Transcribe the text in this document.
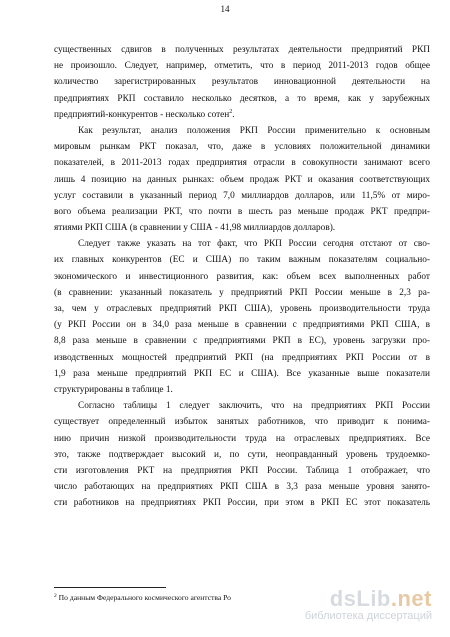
14
существенных сдвигов в полученных результатах деятельности предприятий РКП
не произошло. Следует, например, отметить, что в период 2011-2013 годов общее
количество зарегистрированных результатов инновационной деятельности на
предприятиях РКП составило несколько десятков, а то время, как у зарубежных
предприятий-конкурентов - несколько сотен$^2$.
Как результат, анализ положения РКП России применительно к основным
мировым рынкам РКТ показал, что, даже в условиях положительной динамики
показателей, в 2011-2013 годах предприятия отрасли в совокупности занимают всего
лишь 4 позицию на данных рынках: объем продаж РКТ и оказания соответствующих
услуг составили в указанный период 7,0 миллиардов долларов, или 11,5% от миро-
вого объема реализации РКТ, что почти в шесть раз меньше продаж РКТ предпри-
ятиями РКП США (в сравнении у США - 41,98 миллиардов долларов).
Следует также указать на тот факт, что РКП России сегодня отстают от сво-
их главных конкурентов (ЕС и США) по таким важным показателям социально-
экономического и инвестиционного развития, как: объем всех выполненных работ
(в сравнении: указанный показатель у предприятий РКП России меньше в 2,3 ра-
за, чем у отраслевых предприятий РКП США), уровень производительности труда
(у РКП России он в 34,0 раза меньше в сравнении с предприятиями РКП США, в
8,8 раза меньше в сравнении с предприятиями РКП в ЕС), уровень загрузки про-
изводственных мощностей предприятий РКП (на предприятиях РКП России от в
1,9 раза меньше предприятий РКП ЕС и США). Все указанные выше показатели
структурированы в таблице 1.
Согласно таблицы 1 следует заключить, что на предприятиях РКП России
существует определенный избыток занятых работников, что приводит к понима-
нию причин низкой производительности труда на отраслевых предприятиях. Все
это, также подтверждает высокий и, по сути, неоправданный уровень трудоемко-
сти изготовления РКТ на предприятия РКП России. Таблица 1 отображает, что
число работающих на предприятиях РКП США в 3,3 раза меньше уровня занято-
сти работников на предприятиях РКП России, при этом в РКП ЕС этот показатель
$^2$ По данным Федерального космического агентства Ро	dsLib.net
библиотека диссертаций
